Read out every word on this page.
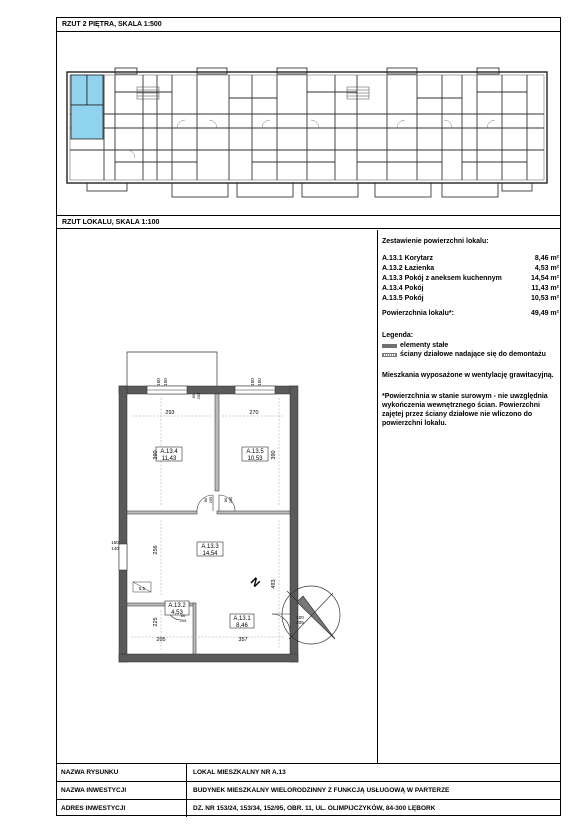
RZUT 2 PIĘTRA, SKALA 1:500
RZUT LOKALU, SKALA 1:100
A.13.4
11,43
A.13.5
10,53
A.13.3
14,54
A.13.2
4,53
A.13.1
8,46
293	270
390	390
256
225
493
205	357
150 150	150 150
150
140
100
205
80 205	80 205
80 205
80
205
5,5	N
Zestawienie powierzchni lokalu:
A.13.1 Korytarz	8,46 m²
A.13.2 Łazienka	4,53 m²
A.13.3 Pokój z aneksem kuchennym	14,54 m²
A.13.4 Pokój	11,43 m²
A.13.5 Pokój	10,53 m²
Powierzchnia lokalu*:	49,49 m²
Legenda:
elementy stałe
ściany działowe nadające się do demontażu
Mieszkania wyposażone w wentylację grawitacyjną.
*Powierzchnia w stanie surowym - nie uwzględnia wykończenia wewnętrznego ścian. Powierzchni zajętej przez ściany działowe nie wliczono do powierzchni lokalu.
NAZWA RYSUNKU	LOKAL MIESZKALNY NR A.13
NAZWA INWESTYCJI	BUDYNEK MIESZKALNY WIELORODZINNY Z FUNKCJĄ USŁUGOWĄ W PARTERZE
ADRES INWESTYCJI	DZ. NR 153/24, 153/34, 152/95, OBR. 11, UL. OLIMPIJCZYKÓW, 84-300 LĘBORK
